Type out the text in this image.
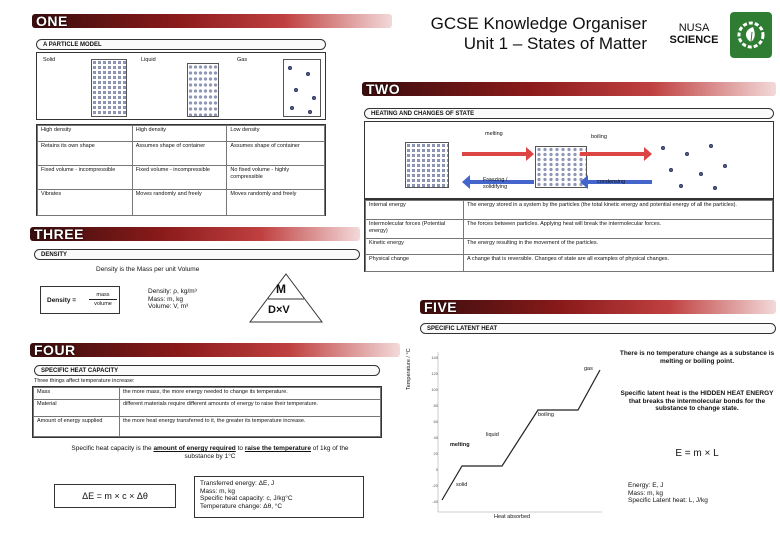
ONE	GCSE Knowledge Organiser
Unit 1 – States of Matter
NUSA
SCIENCE
A PARTICLE MODEL
Solid	Liquid	Gas
High density	High density	Low density
Retains its own shape	Assumes shape of container	Assumes shape of container
Fixed volume - incompressible	Fixed volume - incompressible	No fixed volume - highly compressible
Vibrates	Moves randomly and freely	Moves randomly and freely
TWO
HEATING AND CHANGES OF STATE
melting	boiling
Freezing / solidifying
condensing
Internal energy	The energy stored in a system by the particles (the total kinetic energy and potential energy of all the particles).
Intermolecular forces (Potential energy)	The forces between particles. Applying heat will break the intermolecular forces.
Kinetic energy	The energy resulting in the movement of the particles.
Physical change	A change that is reversible. Changes of state are all examples of physical changes.
THREE
DENSITY
Density is the Mass per unit Volume
Density =
mass
volume
Density: ρ, kg/m³
Mass: m, kg
Volume: V, m³
M
D×V
FOUR
SPECIFIC HEAT CAPACITY
Three things affect temperature increase:
Mass	the more mass, the more energy needed to change its temperature.
Material	different materials require different amounts of energy to raise their temperature.
Amount of energy supplied	the more heat energy transferred to it, the greater its temperature increase.
Specific heat capacity is the amount of energy required to raise the temperature of 1kg of the substance by 1°C
ΔE = m × c × Δθ
Transferred energy: ΔE, J
Mass: m, kg
Specific heat capacity: c, J/kg°C
Temperature change: Δθ, °C
FIVE
SPECIFIC LATENT HEAT
Temperature / °C	140
120
100
80
60
40
20
0
-20
-40
gas
boiling
liquid
melting
solid
Heat absorbed
There is no temperature change as a substance is melting or boiling point.
Specific latent heat is the HIDDEN HEAT ENERGY that breaks the intermolecular bonds for the substance to change state.
E = m × L
Energy: E, J
Mass: m, kg
Specific Latent heat: L, J/kg
